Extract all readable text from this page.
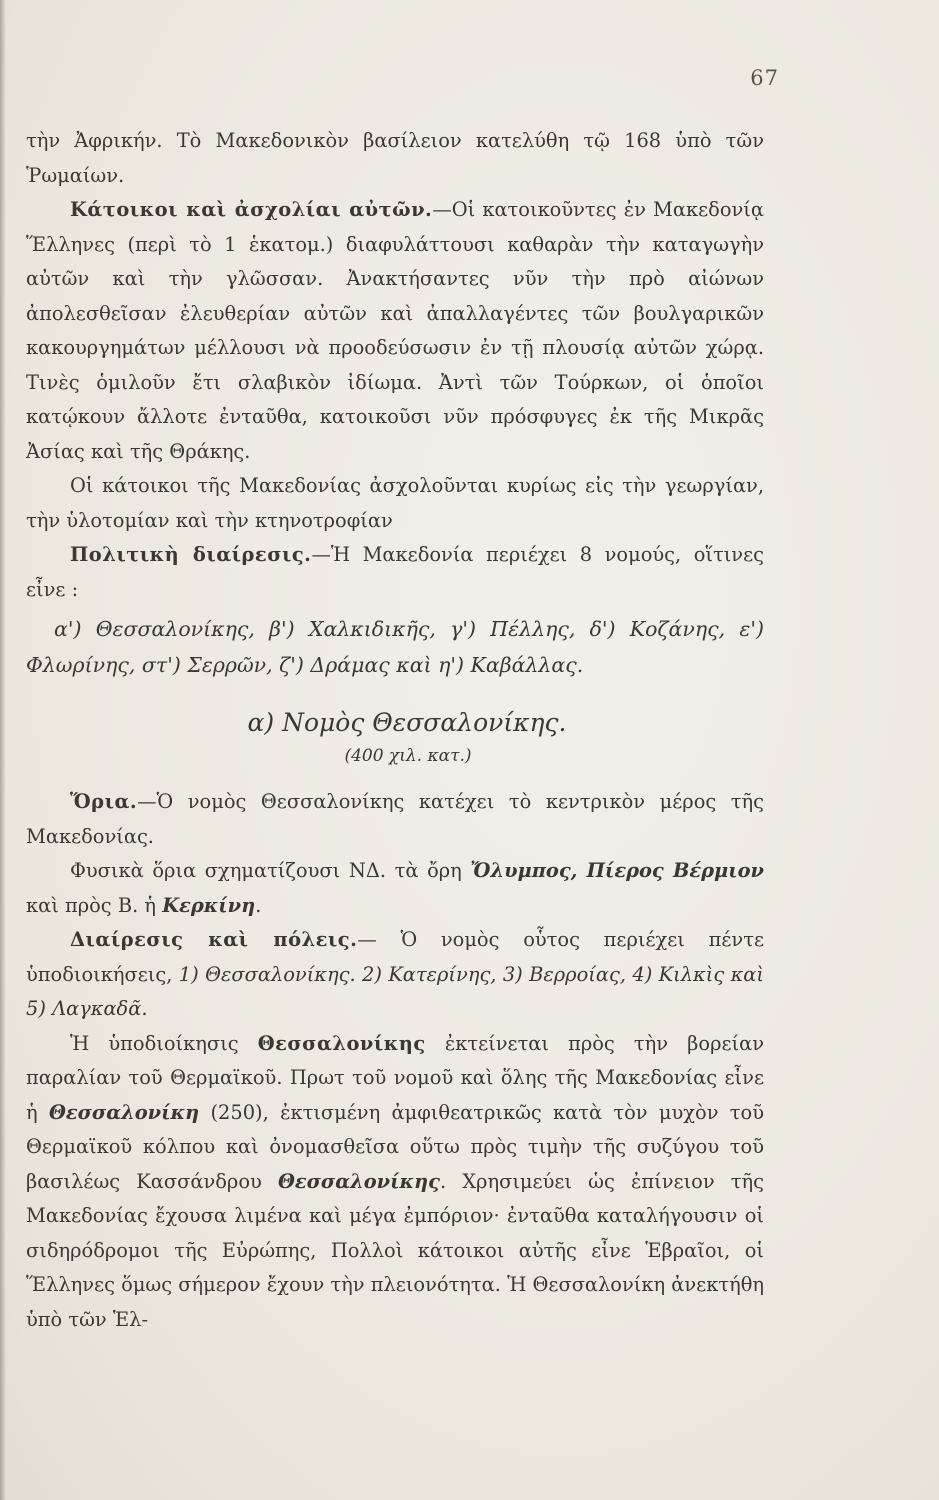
67

τὴν Ἀφρικήν. Τὸ Μακεδονικὸν βασίλειον κατελύθη τῷ 168 ὑπὸ τῶν Ῥωμαίων.

Κάτοικοι καὶ ἀσχολίαι αὐτῶν.—Οἱ κατοικοῦντες ἐν Μακεδονίᾳ Ἕλληνες (περὶ τὸ 1 ἑκατομ.) διαφυλάττουσι καθαρὰν τὴν καταγωγὴν αὐτῶν καὶ τὴν γλῶσσαν. Ἀνακτήσαντες νῦν τὴν πρὸ αἰώνων ἀπολεσθεῖσαν ἐλευθερίαν αὐτῶν καὶ ἀπαλλαγέντες τῶν βουλγαρικῶν κακουργημάτων μέλλουσι νὰ προοδεύσωσιν ἐν τῇ πλουσίᾳ αὐτῶν χώρᾳ. Τινὲς ὁμιλοῦν ἔτι σλαβικὸν ἰδίωμα. Ἀντὶ τῶν Τούρκων, οἱ ὁποῖοι κατῴκουν ἄλλοτε ἐνταῦθα, κατοικοῦσι νῦν πρόσφυγες ἐκ τῆς Μικρᾶς Ἀσίας καὶ τῆς Θράκης.

Οἱ κάτοικοι τῆς Μακεδονίας ἀσχολοῦνται κυρίως εἰς τὴν γεωργίαν, τὴν ὑλοτομίαν καὶ τὴν κτηνοτροφίαν

Πολιτικὴ διαίρεσις.—Ἡ Μακεδονία περιέχει 8 νομούς, οἵτινες εἶνε :

α') Θεσσαλονίκης, β') Χαλκιδικῆς, γ') Πέλλης, δ') Κοζάνης, ε') Φλωρίνης, στ') Σερρῶν, ζ') Δράμας καὶ η') Καβάλλας.

α) Νομὸς Θεσσαλονίκης.

(400 χιλ. κατ.)

Ὅρια.—Ὁ νομὸς Θεσσαλονίκης κατέχει τὸ κεντρικὸν μέρος τῆς Μακεδονίας.

Φυσικὰ ὅρια σχηματίζουσι ΝΔ. τὰ ὄρη Ὄλυμπος, Πίερος Βέρμιον καὶ πρὸς Β. ἡ Κερκίνη.

Διαίρεσις καὶ πόλεις.— Ὁ νομὸς οὗτος περιέχει πέντε ὑποδιοικήσεις, 1) Θεσσαλονίκης. 2) Κατερίνης, 3) Βερροίας, 4) Κιλκὶς καὶ 5) Λαγκαδᾶ.

Ἡ ὑποδιοίκησις Θεσσαλονίκης ἐκτείνεται πρὸς τὴν βορείαν παραλίαν τοῦ Θερμαϊκοῦ. Πρωτ τοῦ νομοῦ καὶ ὅλης τῆς Μακεδονίας εἶνε ἡ Θεσσαλονίκη (250), ἐκτισμένη ἀμφιθεατρικῶς κατὰ τὸν μυχὸν τοῦ Θερμαϊκοῦ κόλπου καὶ ὀνομασθεῖσα οὕτω πρὸς τιμὴν τῆς συζύγου τοῦ βασιλέως Κασσάνδρου Θεσσαλονίκης. Χρησιμεύει ὡς ἐπίνειον τῆς Μακεδονίας ἔχουσα λιμένα καὶ μέγα ἐμπόριον· ἐνταῦθα καταλήγουσιν οἱ σιδηρόδρομοι τῆς Εὐρώπης, Πολλοὶ κάτοικοι αὐτῆς εἶνε Ἑβραῖοι, οἱ Ἕλληνες ὅμως σήμερον ἔχουν τὴν πλειονότητα. Ἡ Θεσσαλονίκη ἀνεκτήθη ὑπὸ τῶν Ἑλ-
